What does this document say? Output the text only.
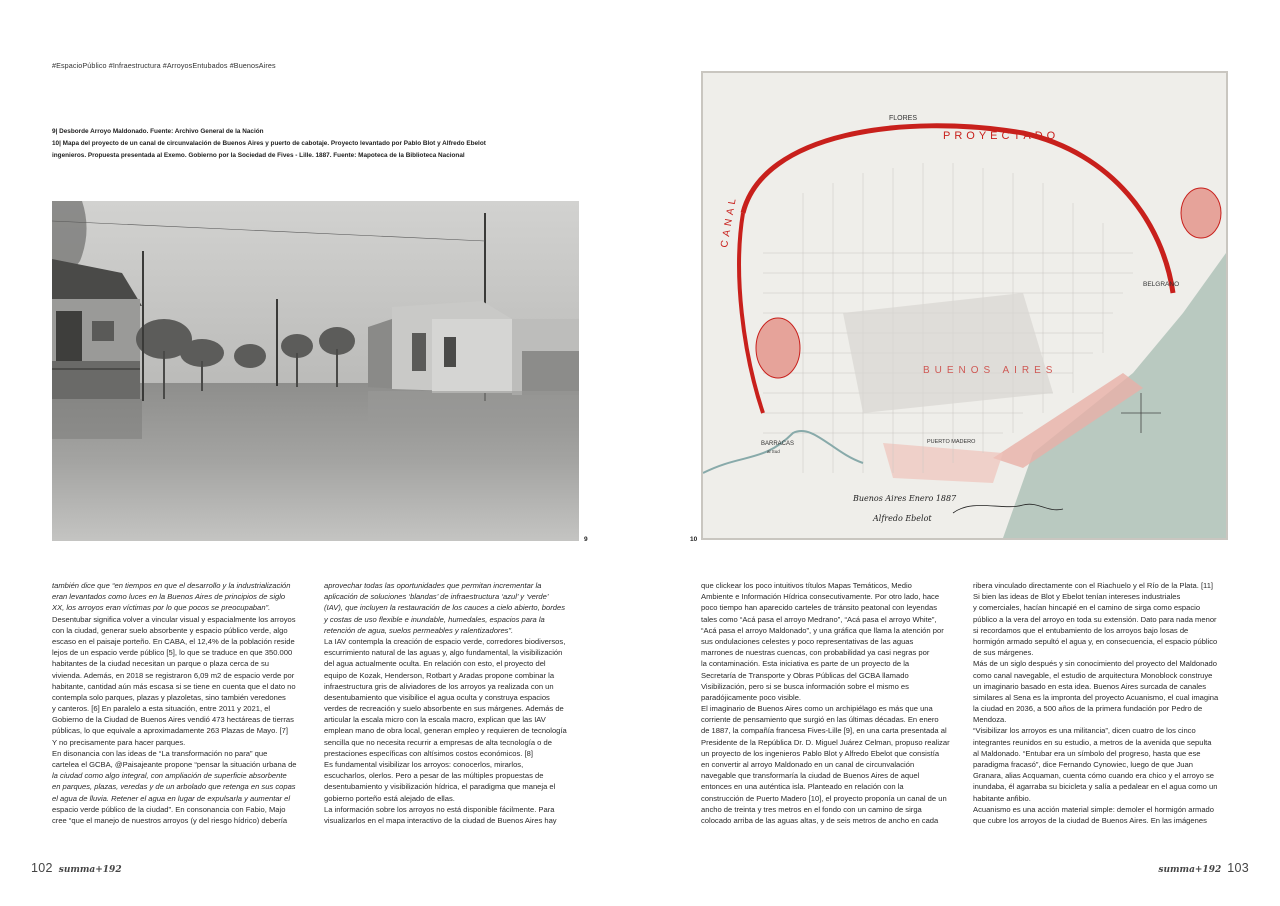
#EspacioPúblico #Infraestructura #ArroyosEntubados #BuenosAires
9| Desborde Arroyo Maldonado. Fuente: Archivo General de la Nación
10| Mapa del proyecto de un canal de circunvalación de Buenos Aires y puerto de cabotaje. Proyecto levantado por Pablo Blot y Alfredo Ebelot
ingenieros. Propuesta presentada al Exemo. Gobierno por la Sociedad de Fives - Lille. 1887. Fuente: Mapoteca de la Biblioteca Nacional
9
FLORES
PROYECTADO
BELGRANO
BUENOS AIRES
BARRACAS
al Sud
PUERTO MADERO
CANAL
Buenos Aires Enero 1887
Alfredo Ebelot
10

también dice que “en tiempos en que el desarrollo y la industrialización

eran levantados como luces en la Buenos Aires de principios de siglo

XX, los arroyos eran víctimas por lo que pocos se preocupaban”.

Desentubar significa volver a vincular visual y espacialmente los arroyos

con la ciudad, generar suelo absorbente y espacio público verde, algo

escaso en el paisaje porteño. En CABA, el 12,4% de la población reside

lejos de un espacio verde público [5], lo que se traduce en que 350.000

habitantes de la ciudad necesitan un parque o plaza cerca de su

vivienda. Además, en 2018 se registraron 6,09 m2 de espacio verde por

habitante, cantidad aún más escasa si se tiene en cuenta que el dato no

contempla solo parques, plazas y plazoletas, sino también veredones

y canteros. [6] En paralelo a esta situación, entre 2011 y 2021, el

Gobierno de la Ciudad de Buenos Aires vendió 473 hectáreas de tierras

públicas, lo que equivale a aproximadamente 263 Plazas de Mayo. [7]

Y no precisamente para hacer parques.

En disonancia con las ideas de “La transformación no para” que

cartelea el GCBA, @Paisajeante propone “pensar la situación urbana de

la ciudad como algo integral, con ampliación de superficie absorbente

en parques, plazas, veredas y de un arbolado que retenga en sus copas

el agua de lluvia. Retener el agua en lugar de expulsarla y aumentar el

espacio verde público de la ciudad”. En consonancia con Fabio, Majo

cree “que el manejo de nuestros arroyos (y del riesgo hídrico) debería

aprovechar todas las oportunidades que permitan incrementar la

aplicación de soluciones ‘blandas’ de infraestructura ‘azul’ y ‘verde’

(IAV), que incluyen la restauración de los cauces a cielo abierto, bordes

y costas de uso flexible e inundable, humedales, espacios para la

retención de agua, suelos permeables y ralentizadores”.

La IAV contempla la creación de espacio verde, corredores biodiversos,

escurrimiento natural de las aguas y, algo fundamental, la visibilización

del agua actualmente oculta. En relación con esto, el proyecto del

equipo de Kozak, Henderson, Rotbart y Aradas propone combinar la

infraestructura gris de aliviadores de los arroyos ya realizada con un

desentubamiento que visibilice el agua oculta y construya espacios

verdes de recreación y suelo absorbente en sus márgenes. Además de

articular la escala micro con la escala macro, explican que las IAV

emplean mano de obra local, generan empleo y requieren de tecnología

sencilla que no necesita recurrir a empresas de alta tecnología o de

prestaciones específicas con altísimos costos económicos. [8]

Es fundamental visibilizar los arroyos: conocerlos, mirarlos,

escucharlos, olerlos. Pero a pesar de las múltiples propuestas de

desentubamiento y visibilización hídrica, el paradigma que maneja el

gobierno porteño está alejado de ellas.

La información sobre los arroyos no está disponible fácilmente. Para

visualizarlos en el mapa interactivo de la ciudad de Buenos Aires hay

que clickear los poco intuitivos títulos Mapas Temáticos, Medio

Ambiente e Información Hídrica consecutivamente. Por otro lado, hace

poco tiempo han aparecido carteles de tránsito peatonal con leyendas

tales como “Acá pasa el arroyo Medrano”, “Acá pasa el arroyo White”,

“Acá pasa el arroyo Maldonado”, y una gráfica que llama la atención por

sus ondulaciones celestes y poco representativas de las aguas

marrones de nuestras cuencas, con probabilidad ya casi negras por

la contaminación. Esta iniciativa es parte de un proyecto de la

Secretaría de Transporte y Obras Públicas del GCBA llamado

Visibilización, pero si se busca información sobre el mismo es

paradójicamente poco visible.

El imaginario de Buenos Aires como un archipiélago es más que una

corriente de pensamiento que surgió en las últimas décadas. En enero

de 1887, la compañía francesa Fives-Lille [9], en una carta presentada al

Presidente de la República Dr. D. Miguel Juárez Celman, propuso realizar

un proyecto de los ingenieros Pablo Blot y Alfredo Ebelot que consistía

en convertir al arroyo Maldonado en un canal de circunvalación

navegable que transformaría la ciudad de Buenos Aires de aquel

entonces en una auténtica isla. Planteado en relación con la

construcción de Puerto Madero [10], el proyecto proponía un canal de un

ancho de treinta y tres metros en el fondo con un camino de sirga

colocado arriba de las aguas altas, y de seis metros de ancho en cada

ribera vinculado directamente con el Riachuelo y el Río de la Plata. [11]

Si bien las ideas de Blot y Ebelot tenían intereses industriales

y comerciales, hacían hincapié en el camino de sirga como espacio

público a la vera del arroyo en toda su extensión. Dato para nada menor

si recordamos que el entubamiento de los arroyos bajo losas de

hormigón armado sepultó el agua y, en consecuencia, el espacio público

de sus márgenes.

Más de un siglo después y sin conocimiento del proyecto del Maldonado

como canal navegable, el estudio de arquitectura Monoblock construye

un imaginario basado en esta idea. Buenos Aires surcada de canales

similares al Sena es la impronta del proyecto Acuanismo, el cual imagina

la ciudad en 2036, a 500 años de la primera fundación por Pedro de

Mendoza.

“Visibilizar los arroyos es una militancia”, dicen cuatro de los cinco

integrantes reunidos en su estudio, a metros de la avenida que sepulta

al Maldonado. “Entubar era un símbolo del progreso, hasta que ese

paradigma fracasó”, dice Fernando Cynowiec, luego de que Juan

Granara, alias Acquaman, cuenta cómo cuando era chico y el arroyo se

inundaba, él agarraba su bicicleta y salía a pedalear en el agua como un

habitante anfibio.

Acuanismo es una acción material simple: demoler el hormigón armado

que cubre los arroyos de la ciudad de Buenos Aires. En las imágenes

102 summa+192	summa+192 103
